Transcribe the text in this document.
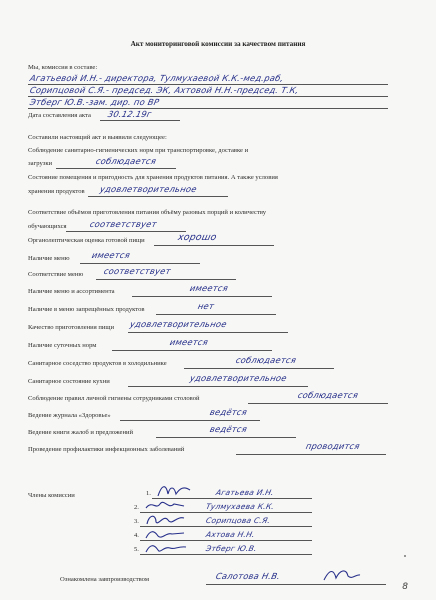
Акт мониторинговой комиссии за качеством питания
Мы, комиссия в составе:
Агатьевой И.Н.- директора, Тулмухаевой К.К.-мед.раб,
Сорипцовой С.Я.- председ. ЭК, Ахтовой Н.Н.-председ. Т.К,
Этберг Ю.В.-зам. дир. по ВР
Дата составления акта 30.12.19г
Составили настоящий акт и выявили следующее:
Соблюдение санитарно-гигиенических норм при транспортировке, доставке и
загрузки	соблюдается
Состояние помещения и пригодность для хранения продуктов питания. А также условия
хранения продуктов удовлетворительное
Соответствие объёмов приготовления питания объёму разовых порций и количеству
обучающихся	соответствует
Органолептическая оценка готовой пищи	хорошо
Наличие меню	имеется
Соответствие меню соответствует
Наличие меню и ассортимента	имеется
Наличие в меню запрещённых продуктов	нет
Качество приготовления пищи удовлетворительное
Наличие суточных норм	имеется
Санитарное соседство продуктов в холодильнике	соблюдается
Санитарное состояние кухни	удовлетворительное
Соблюдение правил личной гигиены сотрудниками столовой	соблюдается
Ведение журнала «Здоровье»	ведётся
Ведение книги жалоб и предложений	ведётся
Проведение профилактики инфекционных заболеваний	проводится
Члены комиссии	1.	Агатьева И.Н.
2.	Тулмухаева К.К.
3.	Сорипцова С.Я.
4.	Ахтова Н.Н.
5.	Этберг Ю.В.
Ознакомлена завпроизводством	Салотова Н.В.
8
